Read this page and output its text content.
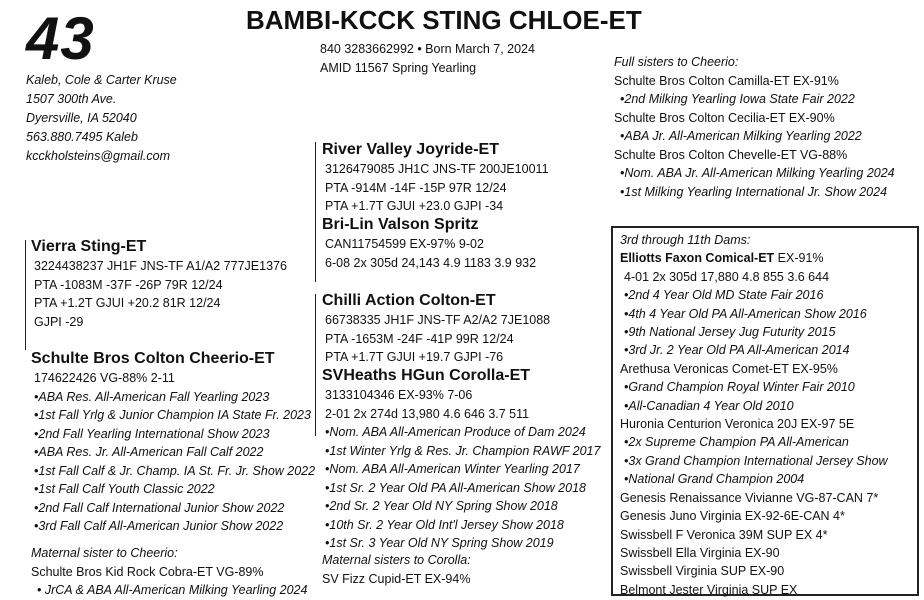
43	BAMBI-KCCK STING CHLOE-ET
840 3283662992 • Born March 7, 2024
AMID 11567 Spring Yearling
Kaleb, Cole & Carter Kruse
1507 300th Ave.
Dyersville, IA 52040
563.880.7495 Kaleb
kcckholsteins@gmail.com
Vierra Sting-ET
3224438237 JH1F JNS-TF A1/A2 777JE1376
PTA -1083M -37F -26P 79R 12/24
PTA +1.2T GJUI +20.2 81R 12/24
GJPI -29
Schulte Bros Colton Cheerio-ET
174622426 VG-88% 2-11
•ABA Res. All-American Fall Yearling 2023
•1st Fall Yrlg & Junior Champion IA State Fr. 2023
•2nd Fall Yearling International Show 2023
•ABA Res. Jr. All-American Fall Calf 2022
•1st Fall Calf & Jr. Champ. IA St. Fr. Jr. Show 2022
•1st Fall Calf Youth Classic 2022
•2nd Fall Calf International Junior Show 2022
•3rd Fall Calf All-American Junior Show 2022
Maternal sister to Cheerio:
Schulte Bros Kid Rock Cobra-ET VG-89%
• JrCA & ABA All-American Milking Yearling 2024
River Valley Joyride-ET
3126479085 JH1C JNS-TF 200JE10011
PTA -914M -14F -15P 97R 12/24
PTA +1.7T GJUI +23.0 GJPI -34
Bri-Lin Valson Spritz
CAN11754599 EX-97% 9-02
6-08 2x 305d 24,143 4.9 1183 3.9 932
Chilli Action Colton-ET
66738335 JH1F JNS-TF A2/A2 7JE1088
PTA -1653M -24F -41P 99R 12/24
PTA +1.7T GJUI +19.7 GJPI -76
SVHeaths HGun Corolla-ET
3133104346 EX-93% 7-06
2-01 2x 274d 13,980 4.6 646 3.7 511
•Nom. ABA All-American Produce of Dam 2024
•1st Winter Yrlg & Res. Jr. Champion RAWF 2017
•Nom. ABA All-American Winter Yearling 2017
•1st Sr. 2 Year Old PA All-American Show 2018
•2nd Sr. 2 Year Old NY Spring Show 2018
•10th Sr. 2 Year Old Int'l Jersey Show 2018
•1st Sr. 3 Year Old NY Spring Show 2019
Maternal sisters to Corolla:
SV Fizz Cupid-ET EX-94%
Full sisters to Cheerio:
Schulte Bros Colton Camilla-ET EX-91%
•2nd Milking Yearling Iowa State Fair 2022
Schulte Bros Colton Cecilia-ET EX-90%
•ABA Jr. All-American Milking Yearling 2022
Schulte Bros Colton Chevelle-ET VG-88%
•Nom. ABA Jr. All-American Milking Yearling 2024
•1st Milking Yearling International Jr. Show 2024
3rd through 11th Dams:
Elliotts Faxon Comical-ET EX-91%
4-01 2x 305d 17,880 4.8 855 3.6 644
•2nd 4 Year Old MD State Fair 2016
•4th 4 Year Old PA All-American Show 2016
•9th National Jersey Jug Futurity 2015
•3rd Jr. 2 Year Old PA All-American 2014
Arethusa Veronicas Comet-ET EX-95%
•Grand Champion Royal Winter Fair 2010
•All-Canadian 4 Year Old 2010
Huronia Centurion Veronica 20J EX-97 5E
•2x Supreme Champion PA All-American
•3x Grand Champion International Jersey Show
•National Grand Champion 2004
Genesis Renaissance Vivianne VG-87-CAN 7*
Genesis Juno Virginia EX-92-6E-CAN 4*
Swissbell F Veronica 39M SUP EX 4*
Swissbell Ella Virginia EX-90
Swissbell Virginia SUP EX-90
Belmont Jester Virginia SUP EX
